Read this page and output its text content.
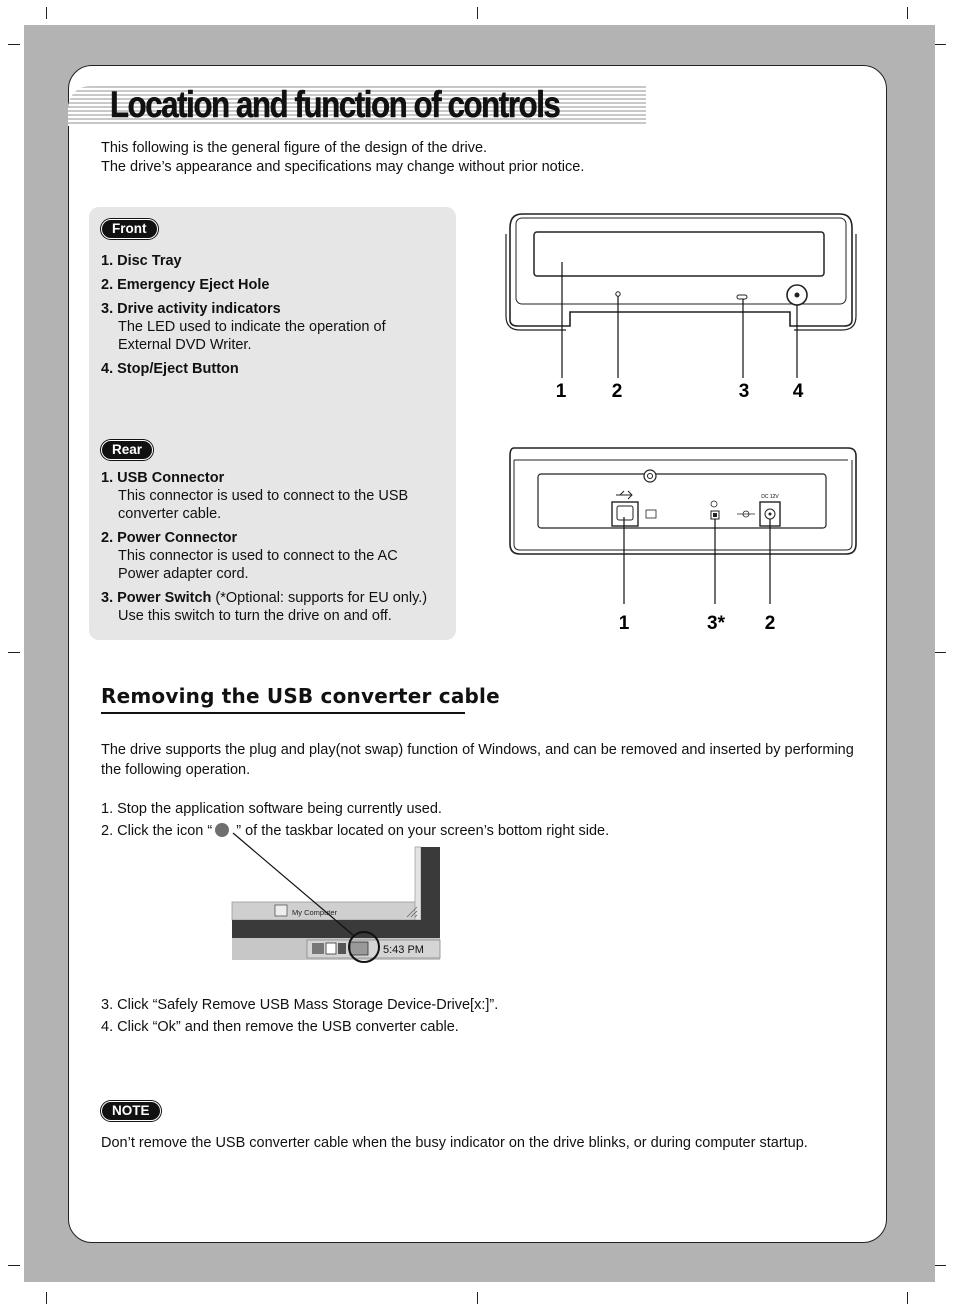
Location and function of controls
This following is the general figure of the design of the drive.
The drive’s appearance and specifications may change without prior notice.
Front
1. Disc Tray
2. Emergency Eject Hole
3. Drive activity indicators
The LED used to indicate the operation of External DVD Writer.
4. Stop/Eject Button
Rear
1. USB Connector
This connector is used to connect to the USB converter cable.
2. Power Connector
This connector is used to connect to the AC Power adapter cord.
3. Power Switch (*Optional: supports for EU only.)
Use this switch to turn the drive on and off.
1 2	3 4
DC 12V
1	3* 2
Removing the USB converter cable
The drive supports the plug and play(not swap) function of Windows, and can be removed and inserted by performing the following operation.
1. Stop the application software being currently used.
2. Click the icon “ ” of the taskbar located on your screen’s bottom right side.
My Computer
5:43 PM
3. Click “Safely Remove USB Mass Storage Device-Drive[x:]”.
4. Click “Ok” and then remove the USB converter cable.
NOTE
Don’t remove the USB converter cable when the busy indicator on the drive blinks, or during computer startup.
